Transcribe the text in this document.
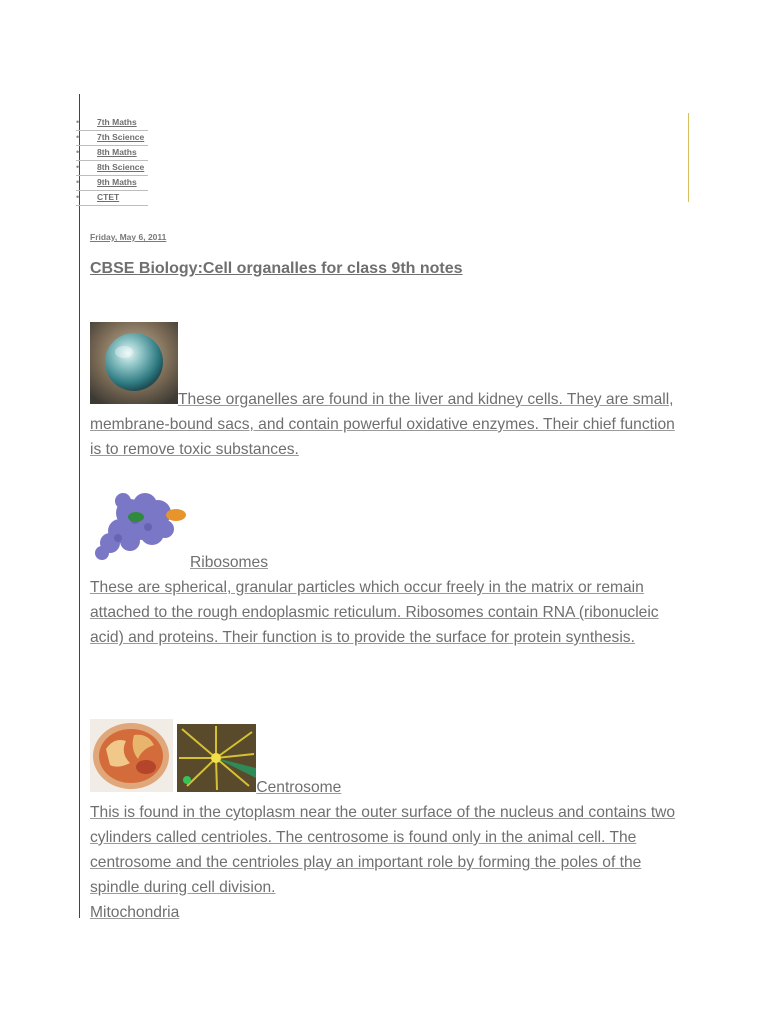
• 7th Maths
• 7th Science
• 8th Maths
• 8th Science
• 9th Maths
• CTET
Friday, May 6, 2011
CBSE Biology:Cell organalles for class 9th notes
These organelles are found in the liver and kidney cells. They are small, membrane-bound sacs, and contain powerful oxidative enzymes. Their chief function is to remove toxic substances.
Ribosomes
These are spherical, granular particles which occur freely in the matrix or remain attached to the rough endoplasmic reticulum. Ribosomes contain RNA (ribonucleic acid) and proteins. Their function is to provide the surface for protein synthesis.
Centrosome
This is found in the cytoplasm near the outer surface of the nucleus and contains two cylinders called centrioles. The centrosome is found only in the animal cell. The centrosome and the centrioles play an important role by forming the poles of the spindle during cell division.
Mitochondria
